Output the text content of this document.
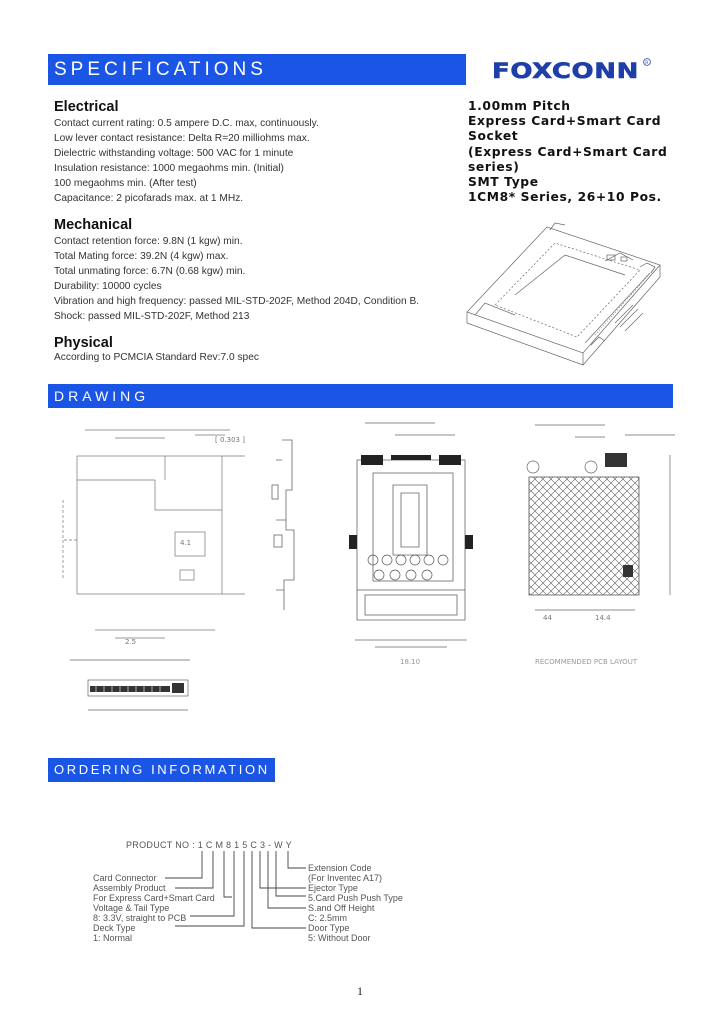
SPECIFICATIONS	FOXCONN R
Electrical
Contact current rating: 0.5 ampere D.C. max, continuously.
Low lever contact resistance: Delta R=20 milliohms max.
Dielectric withstanding voltage: 500 VAC for 1 minute
Insulation resistance: 1000 megaohms min. (Initial)
100 megaohms min. (After test)
Capacitance: 2 picofarads max. at 1 MHz.
Mechanical
Contact retention force: 9.8N (1 kgw) min.
Total Mating force: 39.2N (4 kgw) max.
Total unmating force: 6.7N (0.68 kgw) min.
Durability: 10000 cycles
Vibration and high frequency: passed MIL-STD-202F, Method 204D, Condition B.
Shock: passed MIL-STD-202F, Method 213
Physical
According to PCMCIA Standard Rev:7.0 spec
1.00mm Pitch
Express Card+Smart Card
Socket
(Express Card+Smart Card
series)
SMT Type
1CM8* Series, 26+10 Pos.
DRAWING
[ 0.303 ]
4.1
2.5
44	14.4
18.10	RECOMMENDED PCB LAYOUT
ORDERING INFORMATION
PRODUCT NO : 1 C M 8 1 5 C 3 - W Y
Card Connector
Assembly Product
For Express Card+Smart Card
Voltage & Tail Type
8: 3.3V, straight to PCB
Deck Type
1: Normal
Extension Code
(For Inventec A17)
Ejector Type
5.Card Push Push Type
S.and Off Height
C: 2.5mm
Door Type
5: Without Door
1
